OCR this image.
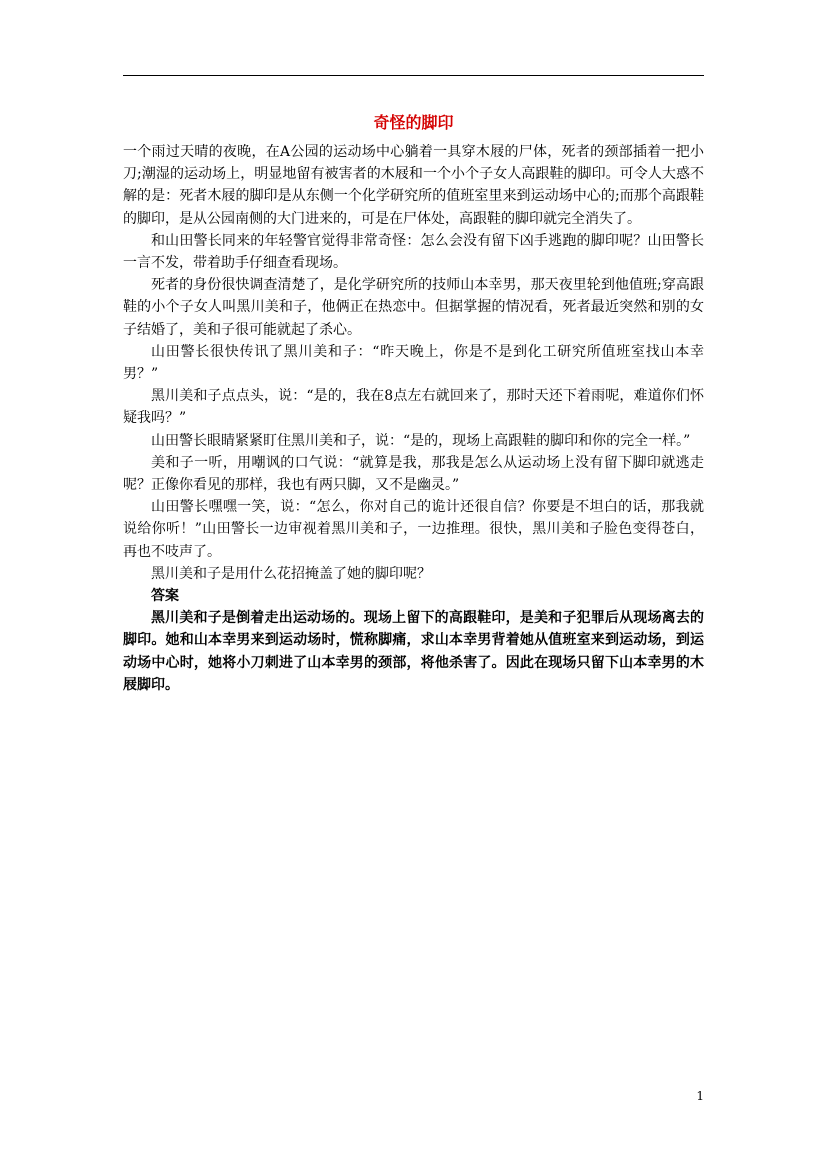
奇怪的脚印

一个雨过天晴的夜晚，在A公园的运动场中心躺着一具穿木屐的尸体，死者的颈部插着一把小刀;潮湿的运动场上，明显地留有被害者的木屐和一个小个子女人高跟鞋的脚印。可令人大惑不解的是：死者木屐的脚印是从东侧一个化学研究所的值班室里来到运动场中心的;而那个高跟鞋的脚印，是从公园南侧的大门进来的，可是在尸体处，高跟鞋的脚印就完全消失了。

和山田警长同来的年轻警官觉得非常奇怪：怎么会没有留下凶手逃跑的脚印呢？山田警长一言不发，带着助手仔细查看现场。

死者的身份很快调查清楚了，是化学研究所的技师山本幸男，那天夜里轮到他值班;穿高跟鞋的小个子女人叫黑川美和子，他俩正在热恋中。但据掌握的情况看，死者最近突然和别的女子结婚了，美和子很可能就起了杀心。

山田警长很快传讯了黑川美和子：“昨天晚上，你是不是到化工研究所值班室找山本幸男？”

黑川美和子点点头，说：“是的，我在8点左右就回来了，那时天还下着雨呢，难道你们怀疑我吗？”

山田警长眼睛紧紧盯住黑川美和子，说：“是的，现场上高跟鞋的脚印和你的完全一样。”

美和子一听，用嘲讽的口气说：“就算是我，那我是怎么从运动场上没有留下脚印就逃走呢？正像你看见的那样，我也有两只脚，又不是幽灵。”

山田警长嘿嘿一笑，说：“怎么，你对自己的诡计还很自信？你要是不坦白的话，那我就说给你听！”山田警长一边审视着黑川美和子，一边推理。很快，黑川美和子脸色变得苍白，再也不吱声了。

黑川美和子是用什么花招掩盖了她的脚印呢？

答案

黑川美和子是倒着走出运动场的。现场上留下的高跟鞋印，是美和子犯罪后从现场离去的脚印。她和山本幸男来到运动场时，慌称脚痛，求山本幸男背着她从值班室来到运动场，到运动场中心时，她将小刀刺进了山本幸男的颈部，将他杀害了。因此在现场只留下山本幸男的木屐脚印。

1
